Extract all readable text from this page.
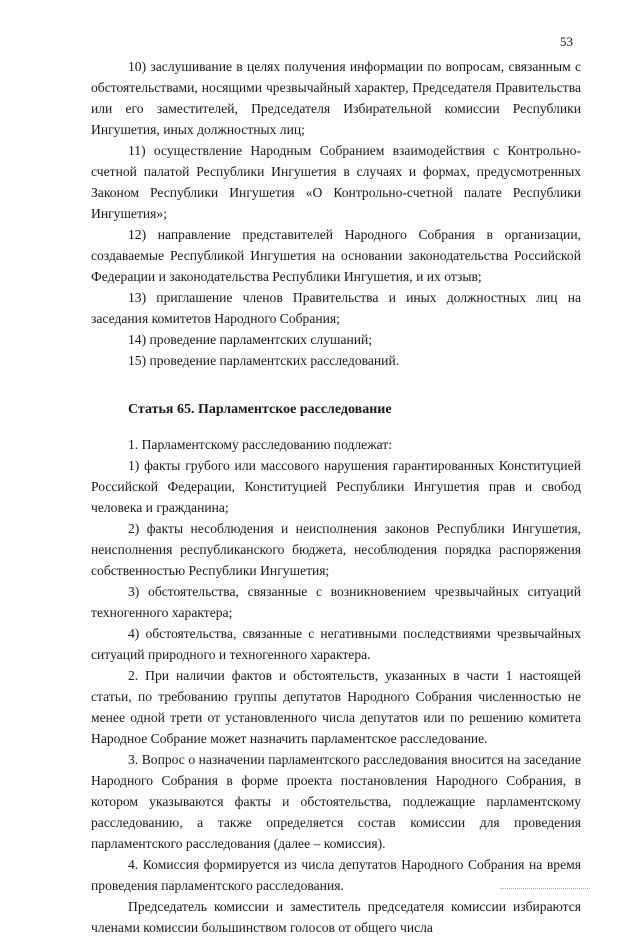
53

10) заслушивание в целях получения информации по вопросам, связанным с обстоятельствами, носящими чрезвычайный характер, Председателя Правительства или его заместителей, Председателя Избирательной комиссии Республики Ингушетия, иных должностных лиц;

11) осуществление Народным Собранием взаимодействия с Контрольно-счетной палатой Республики Ингушетия в случаях и формах, предусмотренных Законом Республики Ингушетия «О Контрольно-счетной палате Республики Ингушетия»;

12) направление представителей Народного Собрания в организации, создаваемые Республикой Ингушетия на основании законодательства Российской Федерации и законодательства Республики Ингушетия, и их отзыв;

13) приглашение членов Правительства и иных должностных лиц на заседания комитетов Народного Собрания;

14) проведение парламентских слушаний;

15) проведение парламентских расследований.

Статья 65. Парламентское расследование

1. Парламентскому расследованию подлежат:

1) факты грубого или массового нарушения гарантированных Конституцией Российской Федерации, Конституцией Республики Ингушетия прав и свобод человека и гражданина;

2) факты несоблюдения и неисполнения законов Республики Ингушетия, неисполнения республиканского бюджета, несоблюдения порядка распоряжения собственностью Республики Ингушетия;

3) обстоятельства, связанные с возникновением чрезвычайных ситуаций техногенного характера;

4) обстоятельства, связанные с негативными последствиями чрезвычайных ситуаций природного и техногенного характера.

2. При наличии фактов и обстоятельств, указанных в части 1 настоящей статьи, по требованию группы депутатов Народного Собрания численностью не менее одной трети от установленного числа депутатов или по решению комитета Народное Собрание может назначить парламентское расследование.

3. Вопрос о назначении парламентского расследования вносится на заседание Народного Собрания в форме проекта постановления Народного Собрания, в котором указываются факты и обстоятельства, подлежащие парламентскому расследованию, а также определяется состав комиссии для проведения парламентского расследования (далее – комиссия).

4. Комиссия формируется из числа депутатов Народного Собрания на время проведения парламентского расследования.

Председатель комиссии и заместитель председателя комиссии избираются членами комиссии большинством голосов от общего числа
